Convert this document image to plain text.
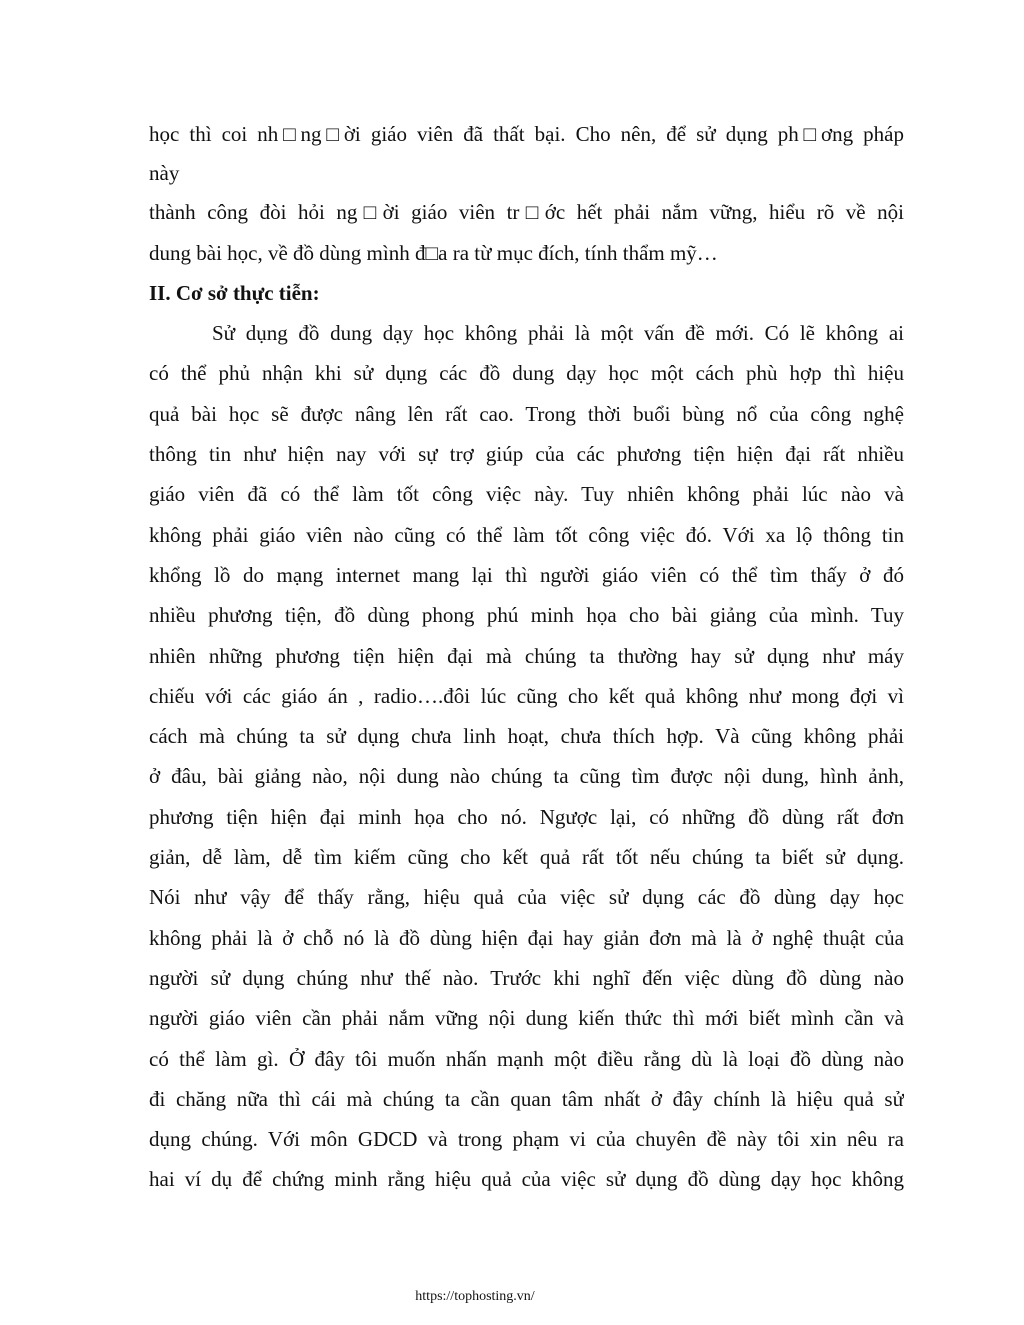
học thì coi nh□ng□ời giáo viên đã thất bại. Cho nên, để sử dụng ph□ơng pháp
này
thành công đòi hỏi ng□ời giáo viên tr□ớc hết phải nắm vững, hiểu rõ về nội
dung bài học, về đồ dùng mình đ□a ra từ mục đích, tính thẩm mỹ…
II. Cơ sở thực tiễn:
Sử dụng đồ dung dạy học không phải là một vấn đề mới. Có lẽ không ai
có thể phủ nhận khi sử dụng các đồ dung dạy học một cách phù hợp thì hiệu
quả bài học sẽ được nâng lên rất cao. Trong thời buổi bùng nổ của công nghệ
thông tin như hiện nay với sự trợ giúp của các phương tiện hiện đại rất nhiều
giáo viên đã có thể làm tốt công việc này. Tuy nhiên không phải lúc nào và
không phải giáo viên nào cũng có thể làm tốt công việc đó. Với xa lộ thông tin
khổng lồ do mạng internet mang lại thì người giáo viên có thể tìm thấy ở đó
nhiều phương tiện, đồ dùng phong phú minh họa cho bài giảng của mình. Tuy
nhiên những phương tiện hiện đại mà chúng ta thường hay sử dụng như máy
chiếu với các giáo án , radio….đôi lúc cũng cho kết quả không như mong đợi vì
cách mà chúng ta sử dụng chưa linh hoạt, chưa thích hợp. Và cũng không phải
ở đâu, bài giảng nào, nội dung nào chúng ta cũng tìm được nội dung, hình ảnh,
phương tiện hiện đại minh họa cho nó. Ngược lại, có những đồ dùng rất đơn
giản, dễ làm, dễ tìm kiếm cũng cho kết quả rất tốt nếu chúng ta biết sử dụng.
Nói như vậy để thấy rằng, hiệu quả của việc sử dụng các đồ dùng dạy học
không phải là ở chỗ nó là đồ dùng hiện đại hay giản đơn mà là ở nghệ thuật của
người sử dụng chúng như thế nào. Trước khi nghĩ đến việc dùng đồ dùng nào
người giáo viên cần phải nắm vững nội dung kiến thức thì mới biết mình cần và
có thể làm gì. Ở đây tôi muốn nhấn mạnh một điều rằng dù là loại đồ dùng nào
đi chăng nữa thì cái mà chúng ta cần quan tâm nhất ở đây chính là hiệu quả sử
dụng chúng. Với môn GDCD và trong phạm vi của chuyên đề này tôi xin nêu ra
hai ví dụ để chứng minh rằng hiệu quả của việc sử dụng đồ dùng dạy học không
https://tophosting.vn/
